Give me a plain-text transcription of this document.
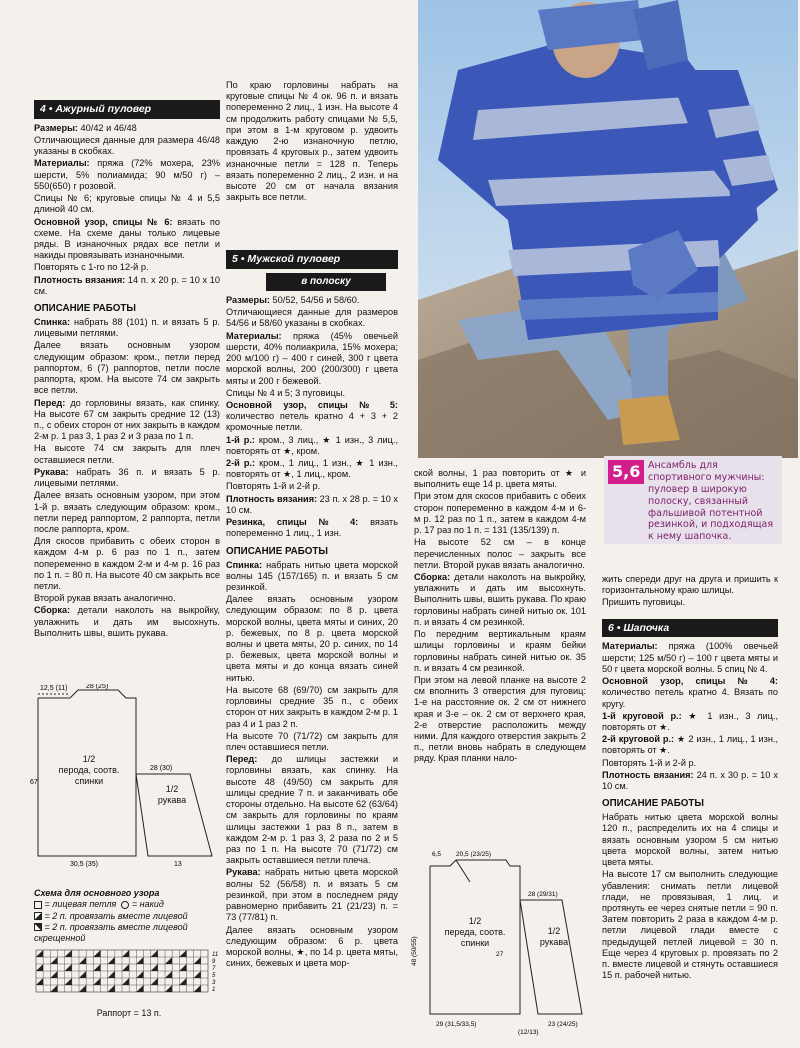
4 • Ажурный пуловер

Размеры: 40/42 и 46/48

Отличающиеся данные для размера 46/48 указаны в скобках.

Материалы: пряжа (72% мохера, 23% шерсти, 5% полиамида; 90 м/50 г) – 550(650) г розовой.

Спицы № 6; круговые спицы № 4 и 5,5 длиной 40 см.

Основной узор, спицы № 6: вязать по схеме. На схеме даны только лицевые ряды. В изнаночных рядах все петли и накиды провязывать изнаночными.

Повторять с 1-го по 12-й р.

Плотность вязания: 14 п. х 20 р. = 10 х 10 см.

ОПИСАНИЕ РАБОТЫ

Спинка: набрать 88 (101) п. и вязать 5 р. лицевыми петлями.

Далее вязать основным узором следующим образом: кром., петли перед раппортом, 6 (7) раппортов, петли после раппорта, кром. На высоте 74 см закрыть все петли.

Перед: до горловины вязать, как спинку. На высоте 67 см закрыть средние 12 (13) п., с обеих сторон от них закрыть в каждом 2-м р. 1 раз 3, 1 раз 2 и 3 раза по 1 п.

На высоте 74 см закрыть для плеч оставшиеся петли.

Рукава: набрать 36 п. и вязать 5 р. лицевыми петлями.

Далее вязать основным узором, при этом 1-й р. вязать следующим образом: кром., петли перед раппортом, 2 раппорта, петли после раппорта, кром.

Для скосов прибавить с обеих сторон в каждом 4-м р. 6 раз по 1 п., затем попеременно в каждом 2-м и 4-м р. 16 раз по 1 п. = 80 п. На высоте 40 см закрыть все петли.

Второй рукав вязать аналогично.

Сборка: детали наколоть на выкройку, увлажнить и дать им высохнуть. Выполнить швы, вшить рукава.

12,5 (11)	28 (25)
67
30,5 (35)
28 (30)
13
1/2
перода, соотв. спинки
1/2
рукава
Схема для основного узора
= лицевая петля = накид
= 2 п. провязать вместе лицевой
= 2 п. провязать вместе лицевой скрещенной
11
9
7
5
3
1
Раппорт = 13 п.

По краю горловины набрать на круговые спицы № 4 ок. 96 п. и вязать попеременно 2 лиц., 1 изн. На высоте 4 см продолжить работу спицами № 5,5, при этом в 1-м круговом р. удвоить каждую 2-ю изнаночную петлю, провязать 4 круговых р., затем удвоить изнаночные петли = 128 п. Теперь вязать попеременно 2 лиц., 2 изн. и на высоте 20 см от начала вязания закрыть все петли.

5 • Мужской пуловер
в полоску

Размеры: 50/52, 54/56 и 58/60.

Отличающиеся данные для размеров 54/56 и 58/60 указаны в скобках.

Материалы: пряжа (45% овечьей шерсти, 40% полиакрила, 15% мохера; 200 м/100 г) – 400 г синей, 300 г цвета морской волны, 200 (200/300) г цвета мяты и 200 г бежевой.

Спицы № 4 и 5; 3 пуговицы.

Основной узор, спицы № 5: количество петель кратно 4 + 3 + 2 кромочные петли.

1-й р.: кром., 3 лиц., ★ 1 изн., 3 лиц., повторять от ★, кром.

2-й р.: кром., 1 лиц., 1 изн., ★ 1 изн., повторять от ★, 1 лиц., кром.

Повторять 1-й и 2-й р.

Плотность вязания: 23 п. х 28 р. = 10 х 10 см.

Резинка, спицы № 4: вязать попеременно 1 лиц., 1 изн.

ОПИСАНИЕ РАБОТЫ

Спинка: набрать нитью цвета морской волны 145 (157/165) п. и вязать 5 см резинкой.

Далее вязать основным узором следующим образом: по 8 р. цвета морской волны, цвета мяты и синих, 20 р. бежевых, по 8 р. цвета морской волны и цвета мяты, 20 р. синих, по 14 р. бежевых, цвета морской волны и цвета мяты и до конца вязать синей нитью.

На высоте 68 (69/70) см закрыть для горловины средние 35 п., с обеих сторон от них закрыть в каждом 2-м р. 1 раз 4 и 1 раз 2 п.

На высоте 70 (71/72) см закрыть для плеч оставшиеся петли.

Перед: до шлицы застежки и горловины вязать, как спинку. На высоте 48 (49/50) см закрыть для шлицы средние 7 п. и заканчивать обе стороны отдельно. На высоте 62 (63/64) см закрыть для горловины по краям шлицы застежки 1 раз 8 п., затем в каждом 2-м р. 1 раз 3, 2 раза по 2 и 5 раз по 1 п. На высоте 70 (71/72) см закрыть оставшиеся петли плеча.

Рукава: набрать нитью цвета морской волны 52 (56/58) п. и вязать 5 см резинкой, при этом в последнем ряду равномерно прибавить 21 (21/23) п. = 73 (77/81) п.

Далее вязать основным узором следующим образом: 6 р. цвета морской волны, ★, по 14 р. цвета мяты, синих, бежевых и цвета мор-

5,6 Ансамбль для спортивного мужчины: пуловер в широкую полоску, связанный фальшивой потентной резинкой, и подходящая к нему шапочка.

ской волны, 1 раз повторить от ★ и выполнить еще 14 р. цвета мяты.

При этом для скосов прибавить с обеих сторон попеременно в каждом 4-м и 6-м р. 12 раз по 1 п., затем в каждом 4-м р. 17 раз по 1 п. = 131 (135/139) п.

На высоте 52 см – в конце перечисленных полос – закрыть все петли. Второй рукав вязать аналогично.

Сборка: детали наколоть на выкройку, увлажнить и дать им высохнуть. Выполнить швы, вшить рукава. По краю горловины набрать синей нитью ок. 101 п. и вязать 4 см резинкой.

По передним вертикальным краям шлицы горловины и краям бейки горловины набрать синей нитью ок. 35 п. и вязать 4 см резинкой.

При этом на левой планке на высоте 2 см вполнить 3 отверстия для пуговиц: 1-е на расстояние ок. 2 см от нижнего края и 3-е – ок. 2 см от верхнего края, 2-е отверстие расположить между ними. Для каждого отверстия закрыть 2 п., петли вновь набрать в следующем ряду. Края планки нало-

6,5 20,5 (23/25)
48 (50/55)	27
29 (31,5/33,5)
28 (29/31)
23 (24/25)
(12/13)
1/2
переда, соотв. спинки
1/2
рукава

жить спереди друг на друга и пришить к горизонтальному краю шлицы.

Пришить пуговицы.

6 • Шапочка

Материалы: пряжа (100% овечьей шерсти; 125 м/50 г) – 100 г цвета мяты и 50 г цвета морской волны. 5 спиц № 4.

Основной узор, спицы № 4: количество петель кратно 4. Вязать по кругу.

1-й круговой р.: ★ 1 изн., 3 лиц., повторять от ★.

2-й круговой р.: ★ 2 изн., 1 лиц., 1 изн., повторять от ★.

Повторять 1-й и 2-й р.

Плотность вязания: 24 п. х 30 р. = 10 х 10 см.

ОПИСАНИЕ РАБОТЫ

Набрать нитью цвета морской волны 120 п., распределить их на 4 спицы и вязать основным узором 5 см нитью цвета морской волны, затем нитью цвета мяты.

На высоте 17 см выполнить следующие убавления: снимать петли лицевой глади, не провязывая, 1 лиц. и протянуть ее через снятые петли = 90 п. Затем повторить 2 раза в каждом 4-м р. петли лицевой глади вместе с предыдущей петлей лицевой = 30 п. Еще через 4 круговых р. провязать по 2 п. вместе лицевой и стянуть оставшиеся 15 п. рабочей нитью.
